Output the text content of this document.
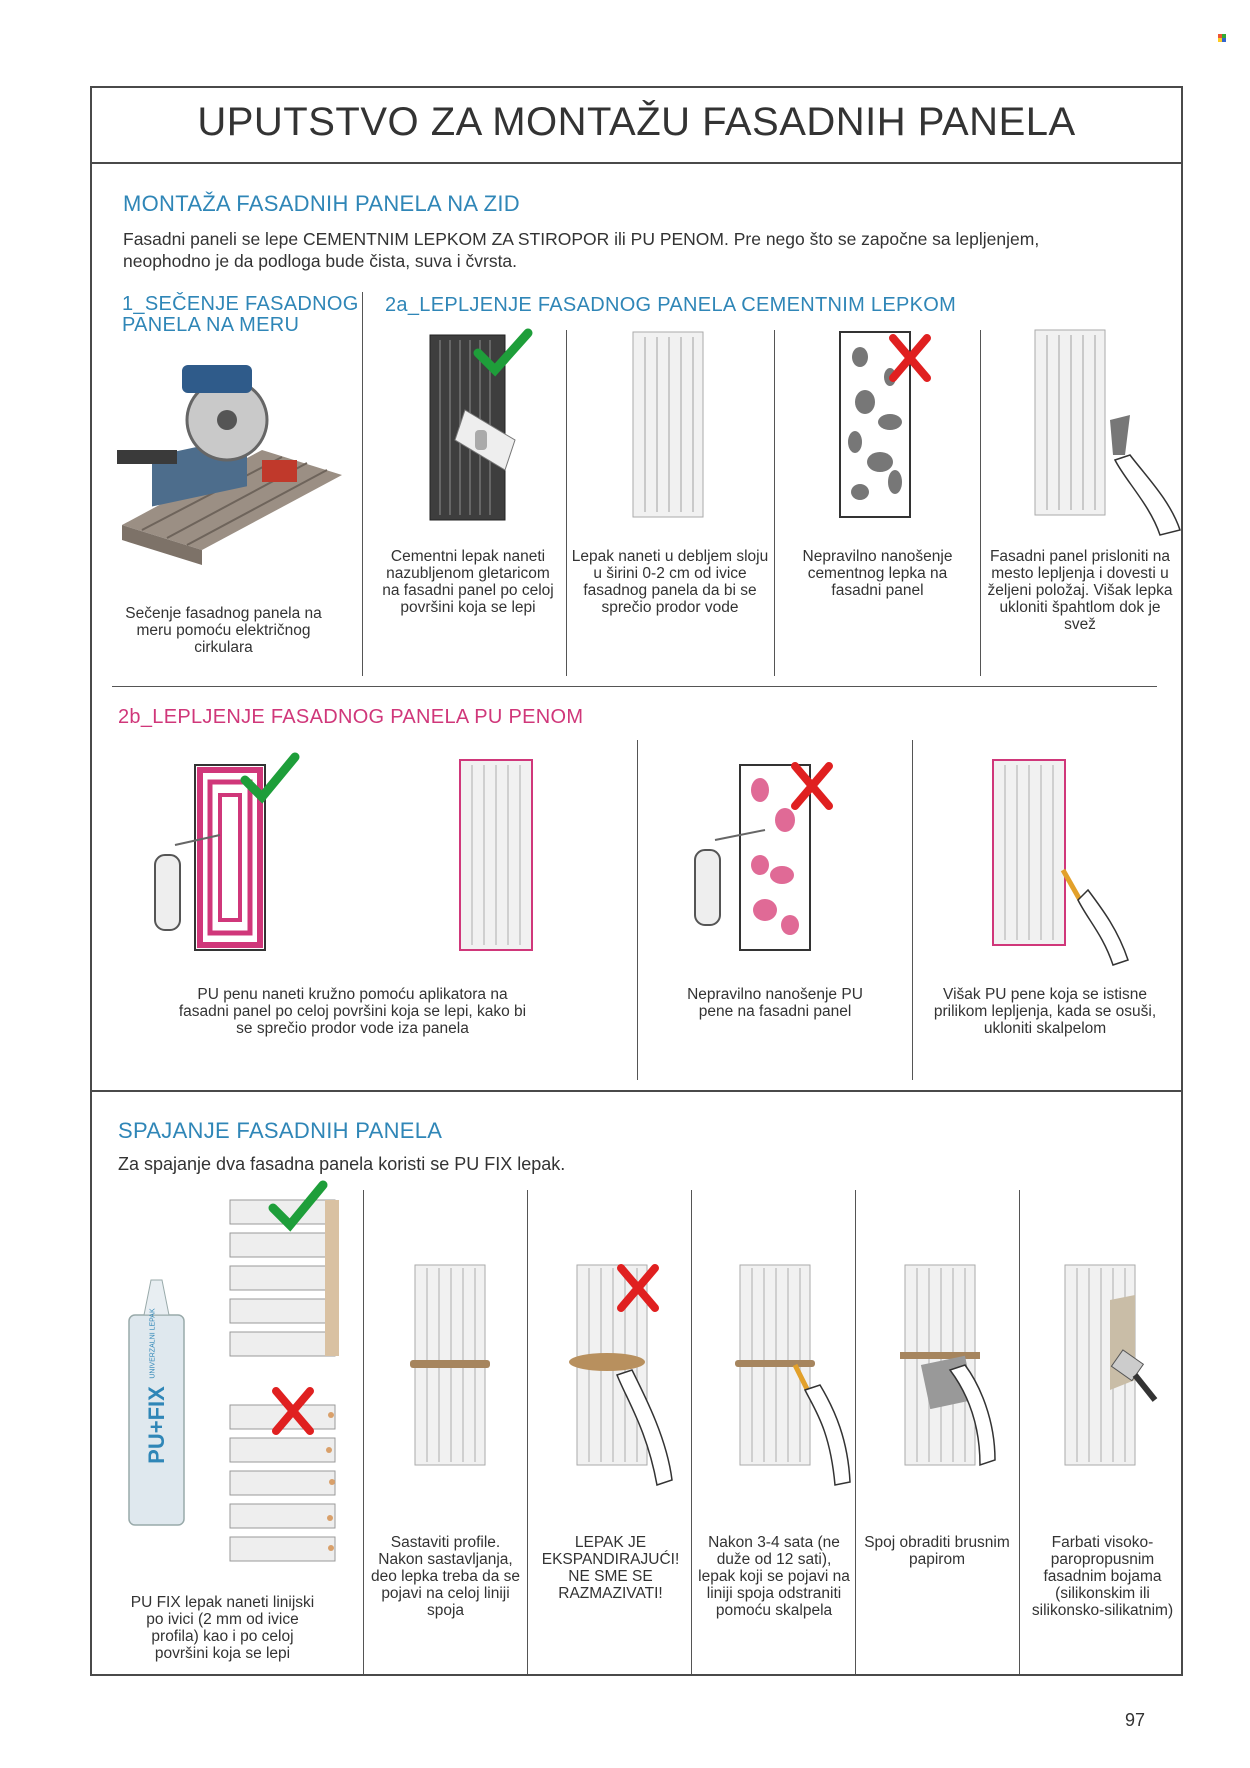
UPUTSTVO ZA MONTAŽU FASADNIH PANELA
MONTAŽA FASADNIH PANELA NA ZID
Fasadni paneli se lepe CEMENTNIM LEPKOM ZA STIROPOR ili PU PENOM. Pre nego što se započne sa lepljenjem,
neophodno je da podloga bude čista, suva i čvrsta.
1_SEČENJE FASADNOG
PANELA NA MERU
2a_LEPLJENJE FASADNOG PANELA CEMENTNIM LEPKOM
Sečenje fasadnog panela na meru pomoću električnog cirkulara
Cementni lepak naneti nazubljenom gletaricom na fasadni panel po celoj površini koja se lepi
Lepak naneti u debljem sloju u širini 0-2 cm od ivice fasadnog panela da bi se sprečio prodor vode
Nepravilno nanošenje cementnog lepka na fasadni panel
Fasadni panel prisloniti na mesto lepljenja i dovesti u željeni položaj. Višak lepka ukloniti špahtlom dok je svež
2b_LEPLJENJE FASADNOG PANELA PU PENOM
PU penu naneti kružno pomoću aplikatora na fasadni panel po celoj površini koja se lepi, kako bi se sprečio prodor vode iza panela
Nepravilno nanošenje PU pene na fasadni panel
Višak PU pene koja se istisne prilikom lepljenja, kada se osuši, ukloniti skalpelom
SPAJANJE FASADNIH PANELA
Za spajanje dva fasadna panela koristi se PU FIX lepak.
PU+FIX
UNIVERZALNI LEPAK
PU FIX lepak naneti linijski po ivici (2 mm od ivice profila) kao i po celoj površini koja se lepi
Sastaviti profile. Nakon sastavljanja, deo lepka treba da se pojavi na celoj liniji spoja
LEPAK JE EKSPANDIRAJUĆI! NE SME SE RAZMAZIVATI!
Nakon 3-4 sata (ne duže od 12 sati), lepak koji se pojavi na liniji spoja odstraniti pomoću skalpela
Spoj obraditi brusnim papirom
Farbati visoko-paropropusnim fasadnim bojama (silikonskim ili silikonsko-silikatnim)
97
